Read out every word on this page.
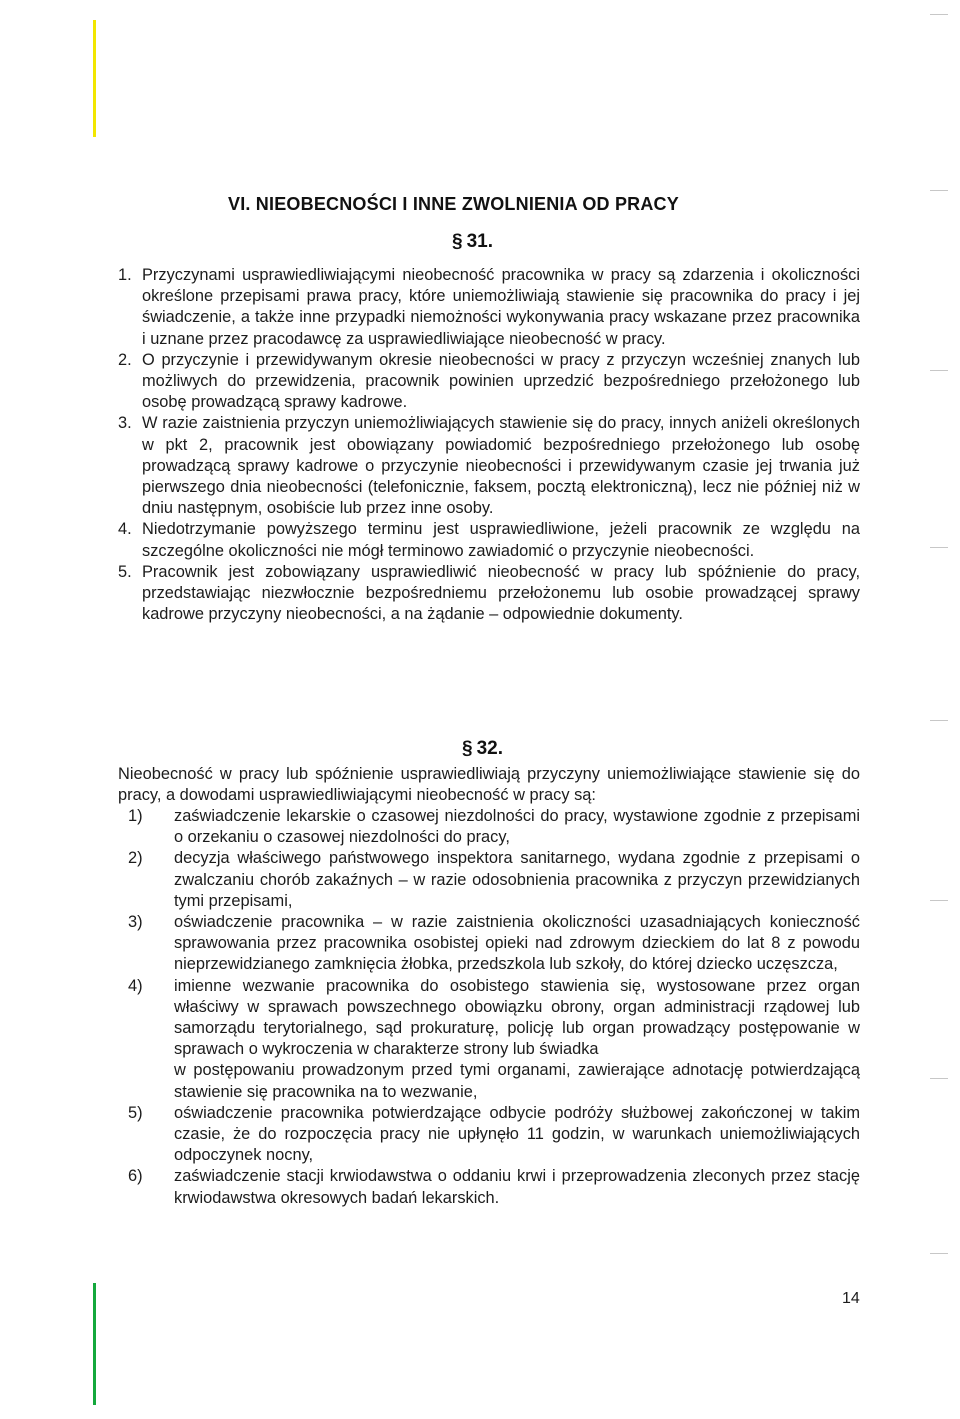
VI. NIEOBECNOŚCI I INNE ZWOLNIENIA OD PRACY
§ 31.
1. Przyczynami usprawiedliwiającymi nieobecność pracownika w pracy są zdarzenia i okoliczności określone przepisami prawa pracy, które uniemożliwiają stawienie się pracownika do pracy i jej świadczenie, a także inne przypadki niemożności wykonywania pracy wskazane przez pracownika i uznane przez pracodawcę za usprawiedliwiające nieobecność w pracy.
2. O przyczynie i przewidywanym okresie nieobecności w pracy z przyczyn wcześniej znanych lub możliwych do przewidzenia, pracownik powinien uprzedzić bezpośredniego przełożonego lub osobę prowadzącą sprawy kadrowe.
3. W razie zaistnienia przyczyn uniemożliwiających stawienie się do pracy, innych aniżeli określonych w pkt 2, pracownik jest obowiązany powiadomić bezpośredniego przełożonego lub osobę prowadzącą sprawy kadrowe o przyczynie nieobecności i przewidywanym czasie jej trwania już pierwszego dnia nieobecności (telefonicznie, faksem, pocztą elektroniczną), lecz nie później niż w dniu następnym, osobiście lub przez inne osoby.
4. Niedotrzymanie powyższego terminu jest usprawiedliwione, jeżeli pracownik ze względu na szczególne okoliczności nie mógł terminowo zawiadomić o przyczynie nieobecności.
5. Pracownik jest zobowiązany usprawiedliwić nieobecność w pracy lub spóźnienie do pracy, przedstawiając niezwłocznie bezpośredniemu przełożonemu lub osobie prowadzącej sprawy kadrowe przyczyny nieobecności, a na żądanie – odpowiednie dokumenty.
§ 32.
Nieobecność w pracy lub spóźnienie usprawiedliwiają przyczyny uniemożliwiające stawienie się do pracy, a dowodami usprawiedliwiającymi nieobecność w pracy są:
1)	zaświadczenie lekarskie o czasowej niezdolności do pracy, wystawione zgodnie z przepisami o orzekaniu o czasowej niezdolności do pracy,
2)	decyzja właściwego państwowego inspektora sanitarnego, wydana zgodnie z przepisami o zwalczaniu chorób zakaźnych – w razie odosobnienia pracownika z przyczyn przewidzianych tymi przepisami,
3)	oświadczenie pracownika – w razie zaistnienia okoliczności uzasadniających konieczność sprawowania przez pracownika osobistej opieki nad zdrowym dzieckiem do lat 8 z powodu nieprzewidzianego zamknięcia żłobka, przedszkola lub szkoły, do której dziecko uczęszcza,
4)	imienne wezwanie pracownika do osobistego stawienia się, wystosowane przez organ właściwy w sprawach powszechnego obowiązku obrony, organ administracji rządowej lub samorządu terytorialnego, sąd prokuraturę, policję lub organ prowadzący postępowanie w sprawach o wykroczenia w charakterze strony lub świadka
w postępowaniu prowadzonym przed tymi organami, zawierające adnotację potwierdzającą stawienie się pracownika na to wezwanie,
5)	oświadczenie pracownika potwierdzające odbycie podróży służbowej zakończonej w takim czasie, że do rozpoczęcia pracy nie upłynęło 11 godzin, w warunkach uniemożliwiających odpoczynek nocny,
6)	zaświadczenie stacji krwiodawstwa o oddaniu krwi i przeprowadzenia zleconych przez stację krwiodawstwa okresowych badań lekarskich.
14
